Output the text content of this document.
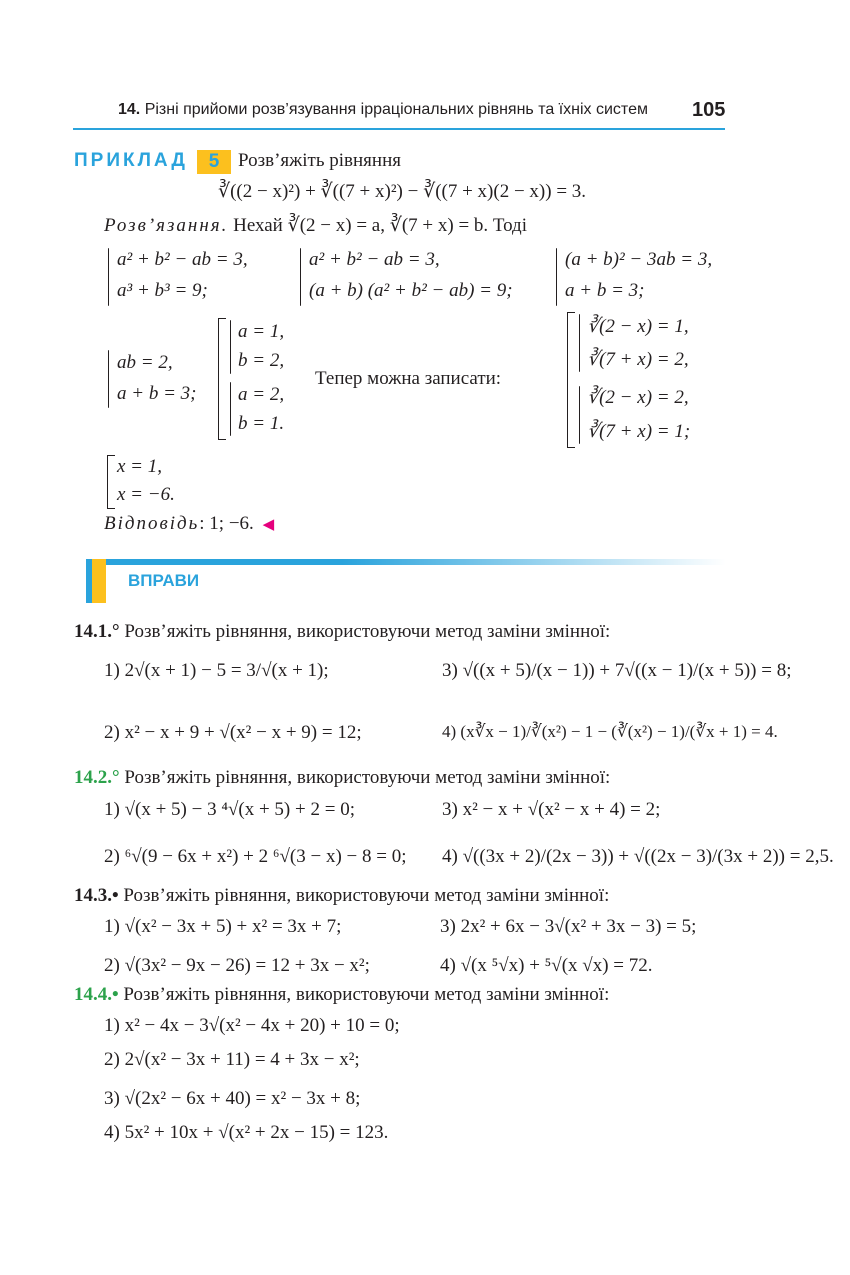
14. Різні прийоми розв’язування ірраціональних рівнянь та їхніх систем 105
ПРИКЛАД	5 Розв’яжіть рівняння
∛((2 − x)²) + ∛((7 + x)²) − ∛((7 + x)(2 − x)) = 3.
Розв’язання. Нехай ∛(2 − x) = a, ∛(7 + x) = b. Тоді
a² + b² − ab = 3,
a³ + b³ = 9;
a² + b² − ab = 3,
(a + b) (a² + b² − ab) = 9;
(a + b)² − 3ab = 3,
a + b = 3;
ab = 2,
a + b = 3;
a = 1,
b = 2,
a = 2,
b = 1.
Тепер можна записати:
∛(2 − x) = 1,
∛(7 + x) = 2,
∛(2 − x) = 2,
∛(7 + x) = 1;
x = 1,
x = −6.
Відповідь: 1; −6. ◀
ВПРАВИ
14.1.° Розв’яжіть рівняння, використовуючи метод заміни змінної:
1) 2√(x + 1) − 5 = 3/√(x + 1);	3) √((x + 5)/(x − 1)) + 7√((x − 1)/(x + 5)) = 8;
2) x² − x + 9 + √(x² − x + 9) = 12;	4) (x∛x − 1)/∛(x²) − 1 − (∛(x²) − 1)/(∛x + 1) = 4.
14.2.° Розв’яжіть рівняння, використовуючи метод заміни змінної:
1) √(x + 5) − 3 ⁴√(x + 5) + 2 = 0;	3) x² − x + √(x² − x + 4) = 2;
2) ⁶√(9 − 6x + x²) + 2 ⁶√(3 − x) − 8 = 0; 4) √((3x + 2)/(2x − 3)) + √((2x − 3)/(3x + 2)) = 2,5.
14.3.• Розв’яжіть рівняння, використовуючи метод заміни змінної:
1) √(x² − 3x + 5) + x² = 3x + 7;	3) 2x² + 6x − 3√(x² + 3x − 3) = 5;
2) √(3x² − 9x − 26) = 12 + 3x − x²;	4) √(x ⁵√x) + ⁵√(x √x) = 72.
14.4.• Розв’яжіть рівняння, використовуючи метод заміни змінної:
1) x² − 4x − 3√(x² − 4x + 20) + 10 = 0;
2) 2√(x² − 3x + 11) = 4 + 3x − x²;
3) √(2x² − 6x + 40) = x² − 3x + 8;
4) 5x² + 10x + √(x² + 2x − 15) = 123.
